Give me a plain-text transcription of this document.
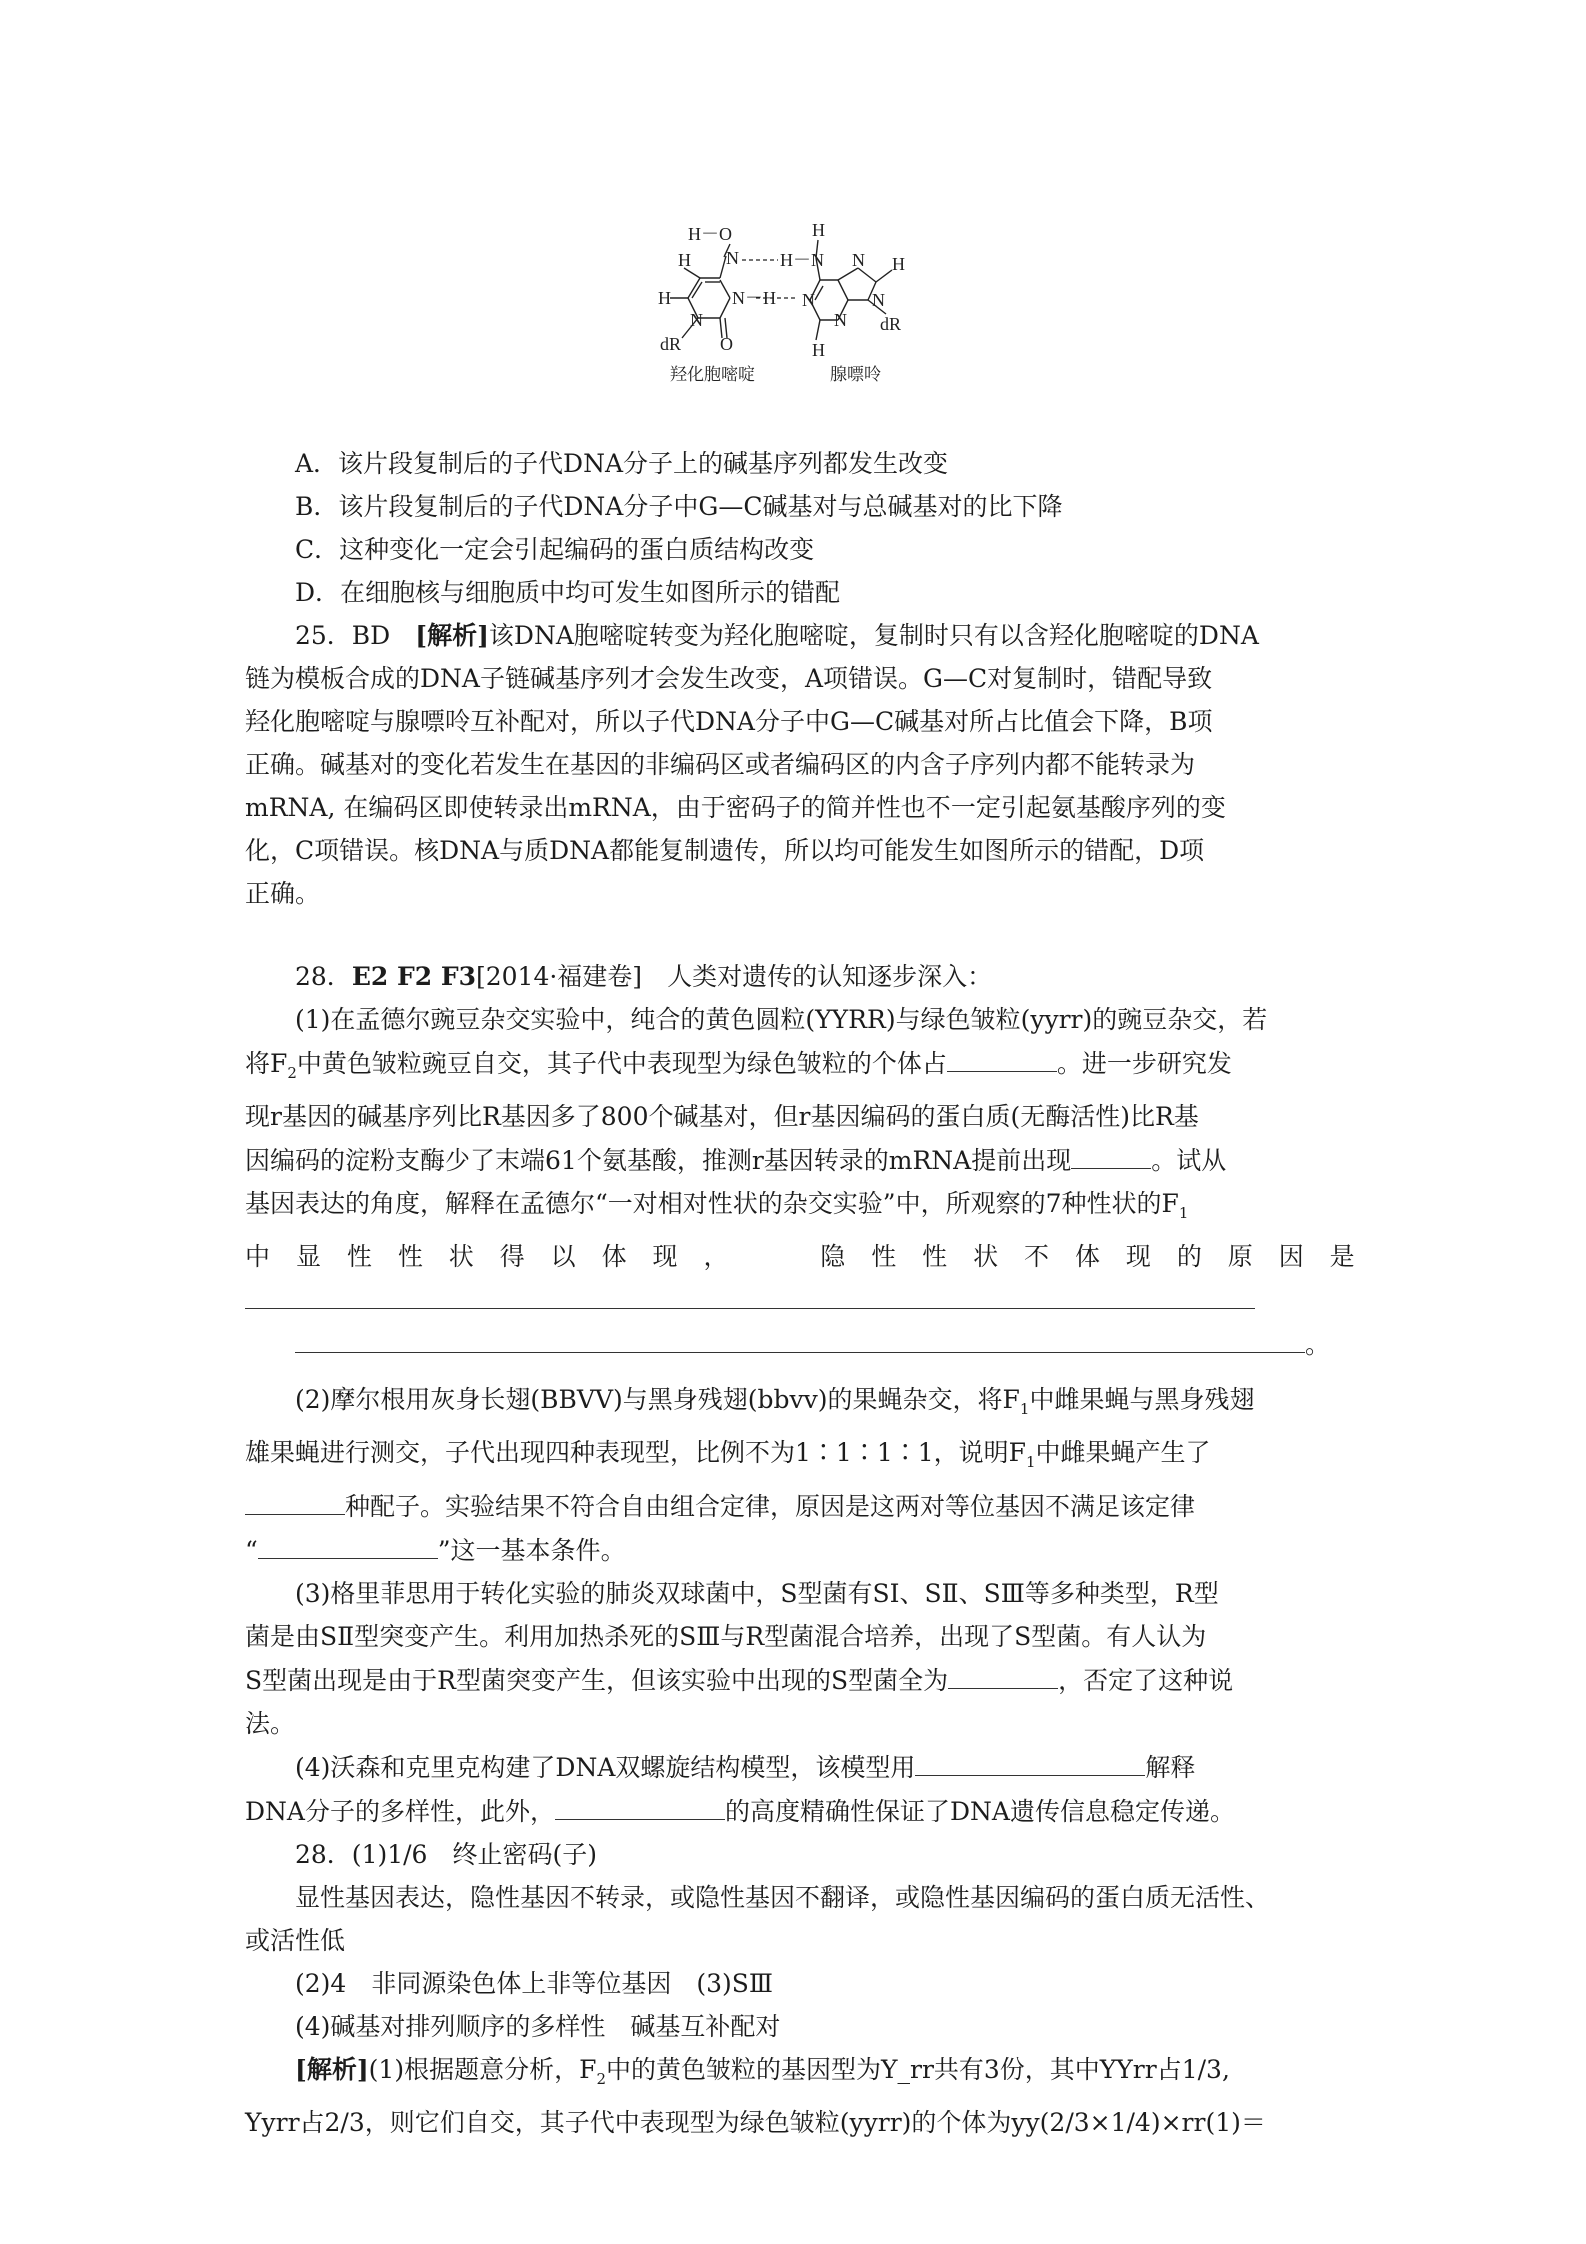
H－O
N
H
H	N－H
N
O
dR
H－N
H
N
N H
N
dR
N
H
羟化胞嘧啶	腺嘌呤

A．该片段复制后的子代DNA分子上的碱基序列都发生改变

B．该片段复制后的子代DNA分子中G—C碱基对与总碱基对的比下降

C．这种变化一定会引起编码的蛋白质结构改变

D．在细胞核与细胞质中均可发生如图所示的错配

25．BD　 [解析]该DNA胞嘧啶转变为羟化胞嘧啶，复制时只有以含羟化胞嘧啶的DNA

链为模板合成的DNA子链碱基序列才会发生改变，A项错误。G—C对复制时，错配导致

羟化胞嘧啶与腺嘌呤互补配对，所以子代DNA分子中G—C碱基对所占比值会下降，B项

正确。碱基对的变化若发生在基因的非编码区或者编码区的内含子序列内都不能转录为

mRNA, 在编码区即使转录出mRNA，由于密码子的简并性也不一定引起氨基酸序列的变

化，C项错误。核DNA与质DNA都能复制遗传，所以均可能发生如图所示的错配，D项

正确。

28．E2 F2 F3[2014·福建卷]　 人类对遗传的认知逐步深入：

(1)在孟德尔豌豆杂交实验中，纯合的黄色圆粒(YYRR)与绿色皱粒(yyrr)的豌豆杂交，若

将$F_2$中黄色皱粒豌豆自交，其子代中表现型为绿色皱粒的个体占	。进一步研究发

现r基因的碱基序列比R基因多了800个碱基对，但r基因编码的蛋白质(无酶活性)比R基

因编码的淀粉支酶少了末端61个氨基酸，推测r基因转录的mRNA提前出现	。试从

基因表达的角度，解释在孟德尔“一对相对性状的杂交实验”中，所观察的7种性状的$F_1$

中 显 性 性 状 得 以 体 现 ，	隐 性 性 状 不 体 现 的 原 因 是

。

(2)摩尔根用灰身长翅(BBVV)与黑身残翅(bbvv)的果蝇杂交，将$F_1$中雌果蝇与黑身残翅

雄果蝇进行测交，子代出现四种表现型，比例不为1∶1∶1∶1，说明$F_1$中雌果蝇产生了

种配子。实验结果不符合自由组合定律，原因是这两对等位基因不满足该定律

“	”这一基本条件。

(3)格里菲思用于转化实验的肺炎双球菌中，S型菌有SⅠ、SⅡ、SⅢ等多种类型，R型

菌是由SⅡ型突变产生。利用加热杀死的SⅢ与R型菌混合培养，出现了S型菌。有人认为

S型菌出现是由于R型菌突变产生，但该实验中出现的S型菌全为	，否定了这种说

法。

(4)沃森和克里克构建了DNA双螺旋结构模型，该模型用	解释

DNA分子的多样性，此外，	的高度精确性保证了DNA遗传信息稳定传递。

28．(1)1/6　终止密码(子)

显性基因表达，隐性基因不转录，或隐性基因不翻译，或隐性基因编码的蛋白质无活性、

或活性低

(2)4　非同源染色体上非等位基因　(3)SⅢ

(4)碱基对排列顺序的多样性　碱基互补配对

[解析](1)根据题意分析，$F_2$中的黄色皱粒的基因型为Y_rr共有3份，其中YYrr占1/3,

Yyrr占2/3，则它们自交，其子代中表现型为绿色皱粒(yyrr)的个体为yy(2/3×1/4)×rr(1)＝
